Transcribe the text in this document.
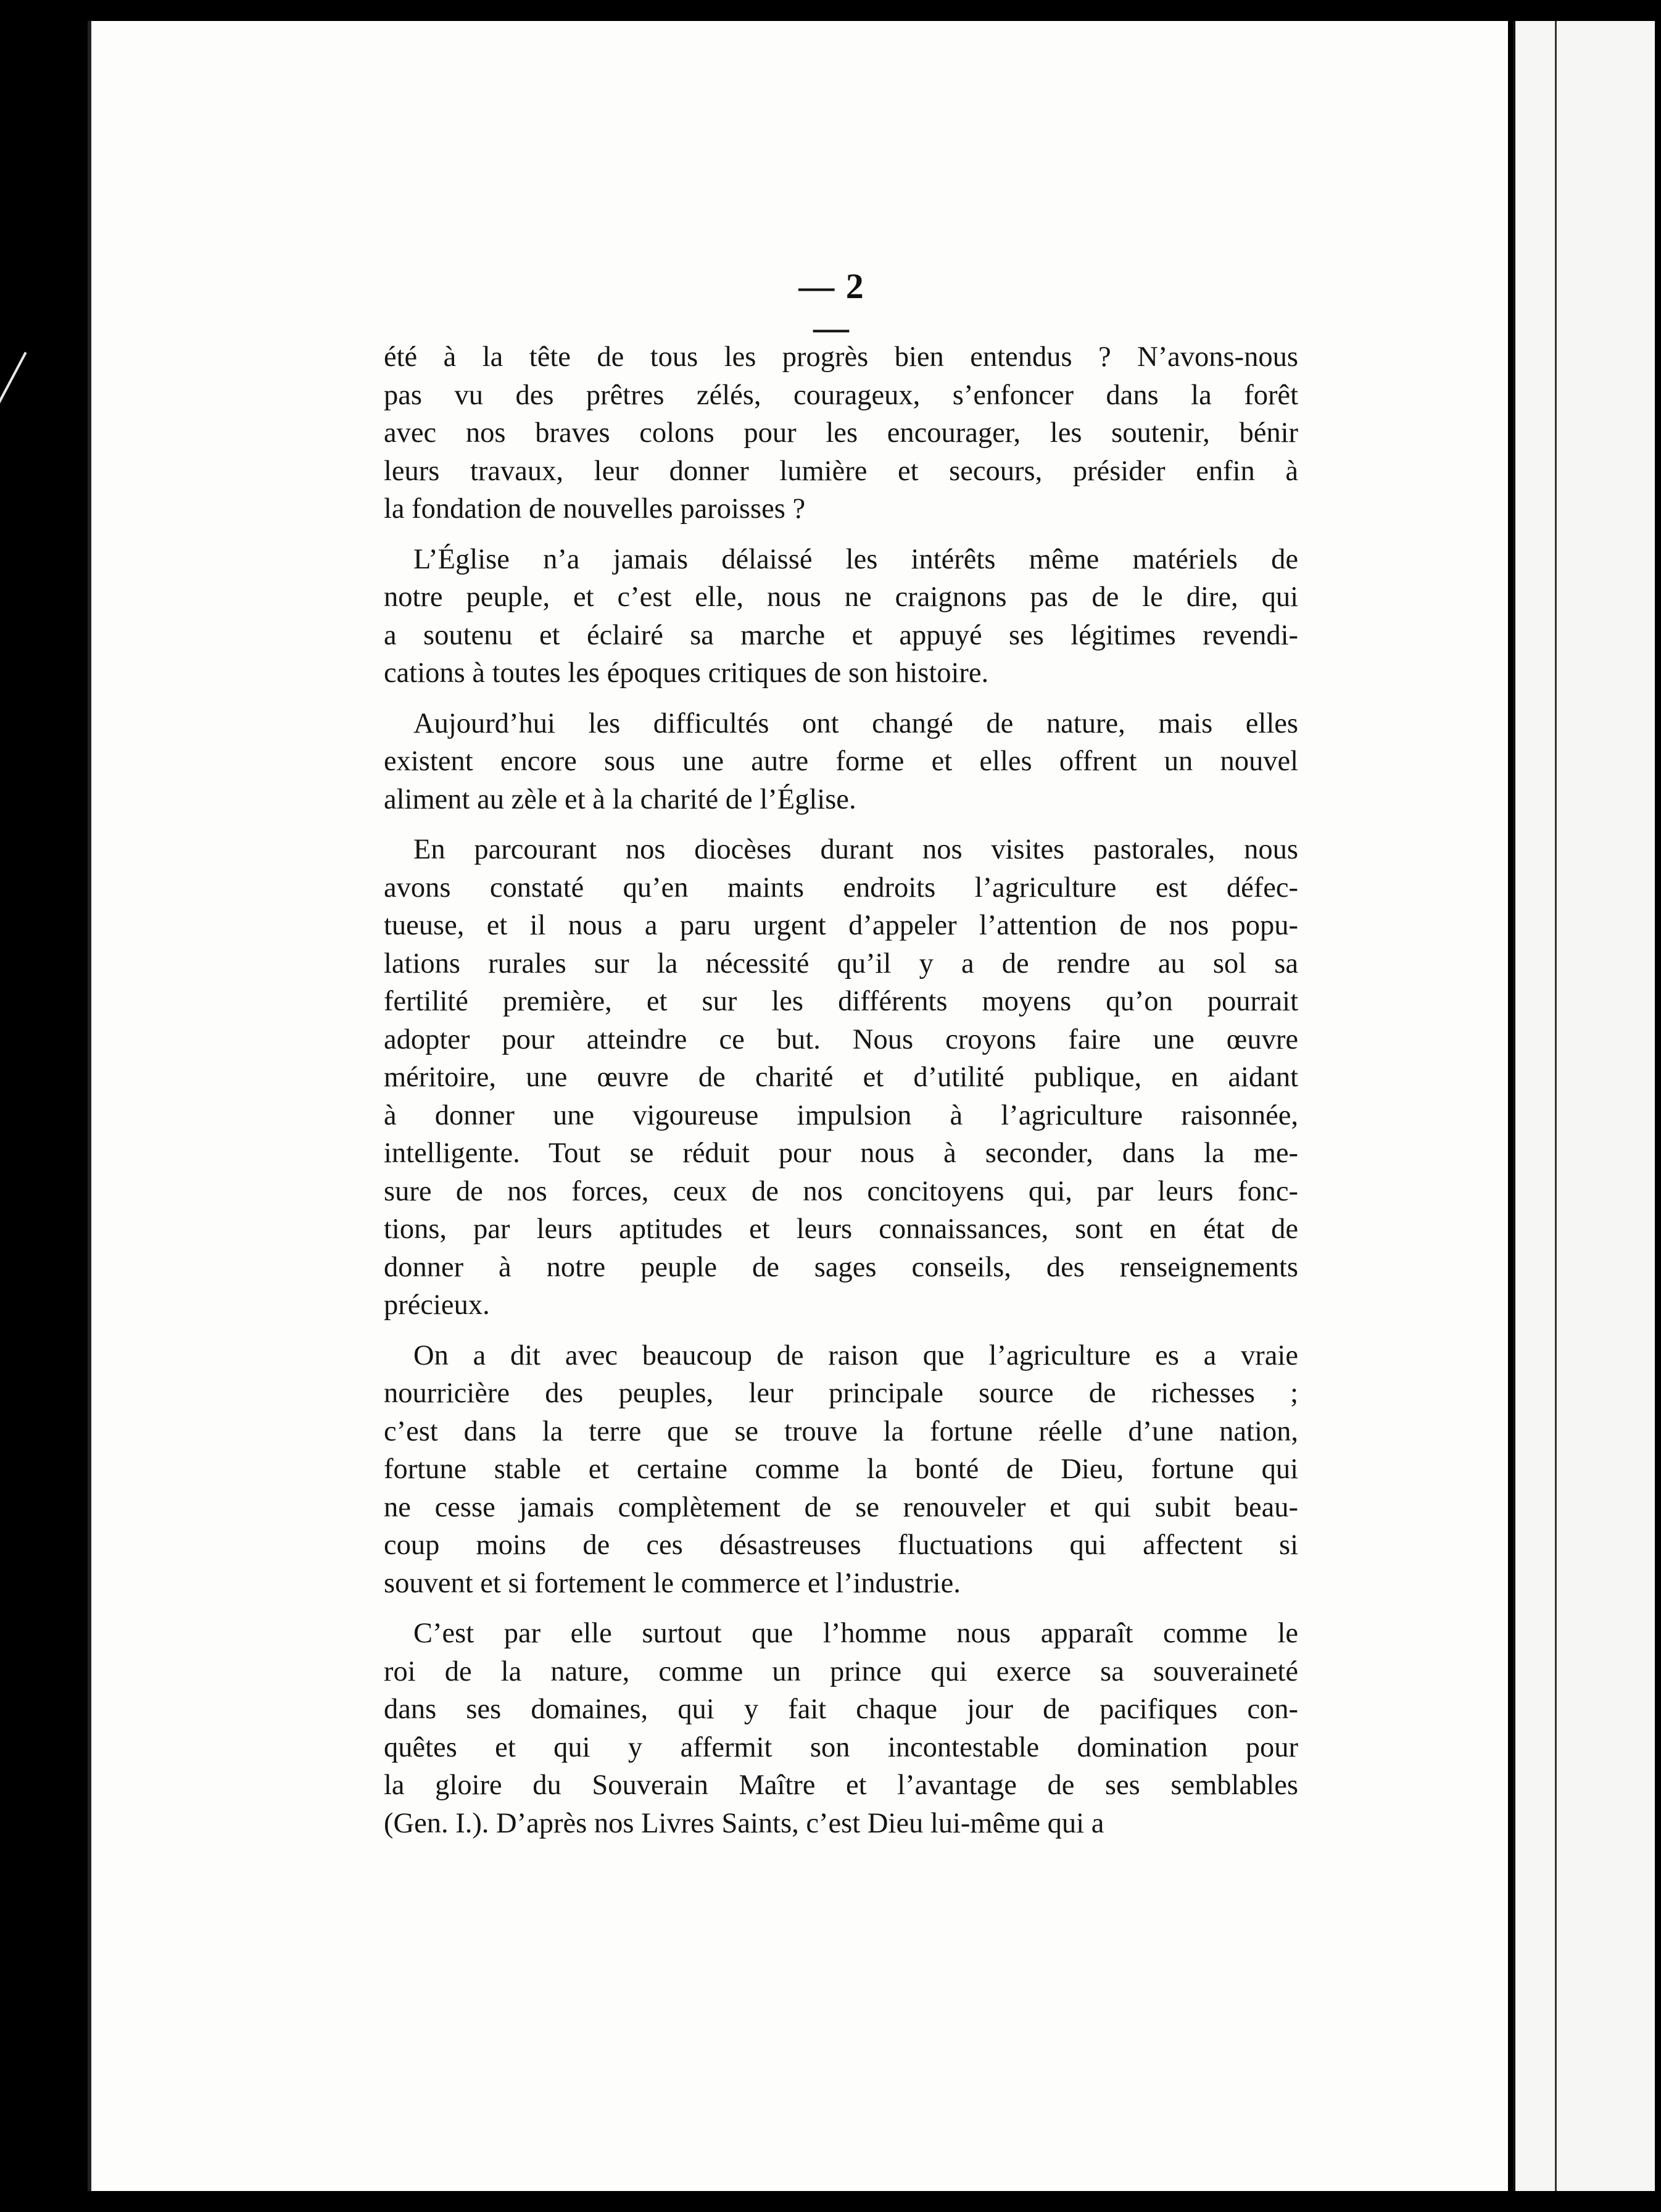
— 2 —
été à la tête de tous les progrès bien entendus ? N’avons-nous
pas vu des prêtres zélés, courageux, s’enfoncer dans la forêt
avec nos braves colons pour les encourager, les soutenir, bénir
leurs travaux, leur donner lumière et secours, présider enfin à
la fondation de nouvelles paroisses ?
L’Église n’a jamais délaissé les intérêts même matériels de
notre peuple, et c’est elle, nous ne craignons pas de le dire, qui
a soutenu et éclairé sa marche et appuyé ses légitimes revendi-
cations à toutes les époques critiques de son histoire.
Aujourd’hui les difficultés ont changé de nature, mais elles
existent encore sous une autre forme et elles offrent un nouvel
aliment au zèle et à la charité de l’Église.
En parcourant nos diocèses durant nos visites pastorales, nous
avons constaté qu’en maints endroits l’agriculture est défec-
tueuse, et il nous a paru urgent d’appeler l’attention de nos popu-
lations rurales sur la nécessité qu’il y a de rendre au sol sa
fertilité première, et sur les différents moyens qu’on pourrait
adopter pour atteindre ce but. Nous croyons faire une œuvre
méritoire, une œuvre de charité et d’utilité publique, en aidant
à donner une vigoureuse impulsion à l’agriculture raisonnée,
intelligente. Tout se réduit pour nous à seconder, dans la me-
sure de nos forces, ceux de nos concitoyens qui, par leurs fonc-
tions, par leurs aptitudes et leurs connaissances, sont en état de
donner à notre peuple de sages conseils, des renseignements
précieux.
On a dit avec beaucoup de raison que l’agriculture es a vraie
nourricière des peuples, leur principale source de richesses ;
c’est dans la terre que se trouve la fortune réelle d’une nation,
fortune stable et certaine comme la bonté de Dieu, fortune qui
ne cesse jamais complètement de se renouveler et qui subit beau-
coup moins de ces désastreuses fluctuations qui affectent si
souvent et si fortement le commerce et l’industrie.
C’est par elle surtout que l’homme nous apparaît comme le
roi de la nature, comme un prince qui exerce sa souveraineté
dans ses domaines, qui y fait chaque jour de pacifiques con-
quêtes et qui y affermit son incontestable domination pour
la gloire du Souverain Maître et l’avantage de ses semblables
(Gen. I.). D’après nos Livres Saints, c’est Dieu lui-même qui a
